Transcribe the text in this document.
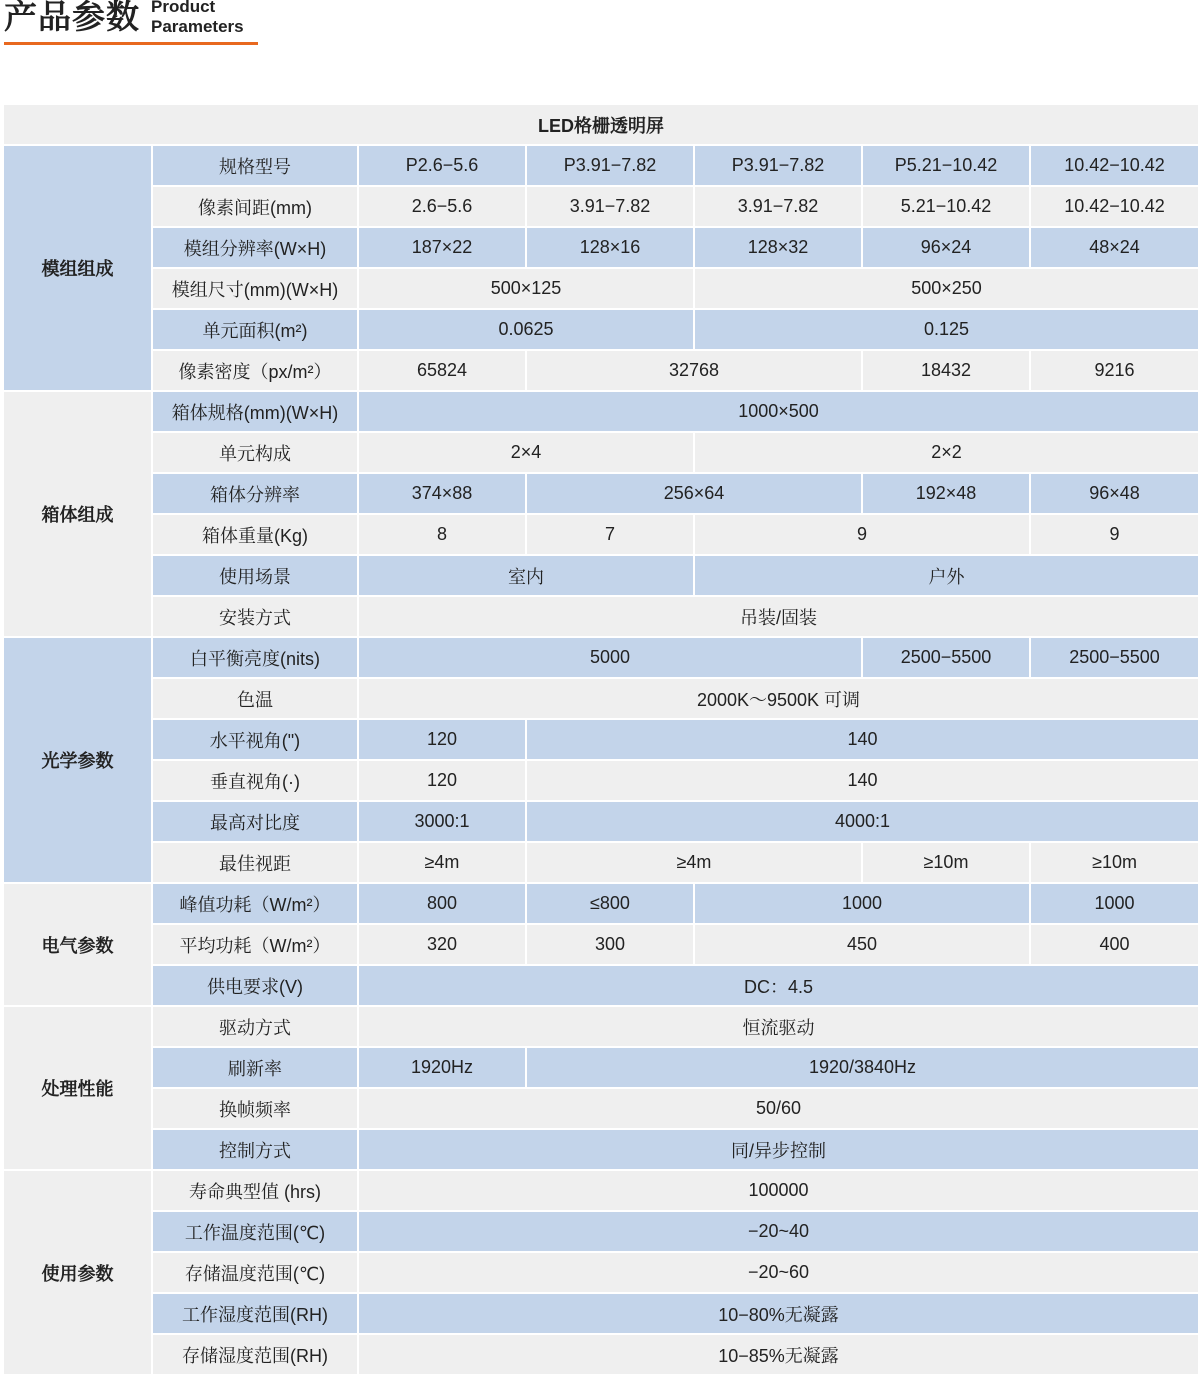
产品参数 Product
Parameters
LED格栅透明屏						
模组组成	规格型号	P2.6−5.6	P3.91−7.82	P3.91−7.82	P5.21−10.42	10.42−10.42
	像素间距(mm)	2.6−5.6	3.91−7.82	3.91−7.82	5.21−10.42	10.42−10.42
	模组分辨率(W×H)	187×22	128×16	128×32	96×24	48×24
	模组尺寸(mm)(W×H)	500×125		500×250		
	单元面积(m²)	0.0625		0.125		
	像素密度（px/m²）	65824	32768		18432	9216
箱体组成	箱体规格(mm)(W×H)	1000×500				
	单元构成	2×4		2×2		
	箱体分辨率	374×88	256×64		192×48	96×48
	箱体重量(Kg)	8	7	9		9
	使用场景	室内		户外		
	安装方式	吊装/固装				
光学参数	白平衡亮度(nits)	5000			2500−5500	2500−5500
	色温	2000K～9500K 可调				
	水平视角(")	120	140			
	垂直视角(·)	120	140			
	最高对比度	3000:1	4000:1			
	最佳视距	≥4m	≥4m		≥10m	≥10m
电气参数	峰值功耗（W/m²）	800	≤800	1000		1000
	平均功耗（W/m²）	320	300	450		400
	供电要求(V)	DC：4.5				
处理性能	驱动方式	恒流驱动				
	刷新率	1920Hz	1920/3840Hz			
	换帧频率	50/60				
	控制方式	同/异步控制				
使用参数	寿命典型值 (hrs)	100000				
	工作温度范围(℃)	−20~40				
	存储温度范围(℃)	−20~60				
	工作湿度范围(RH)	10−80%无凝露				
	存储湿度范围(RH)	10−85%无凝露				
